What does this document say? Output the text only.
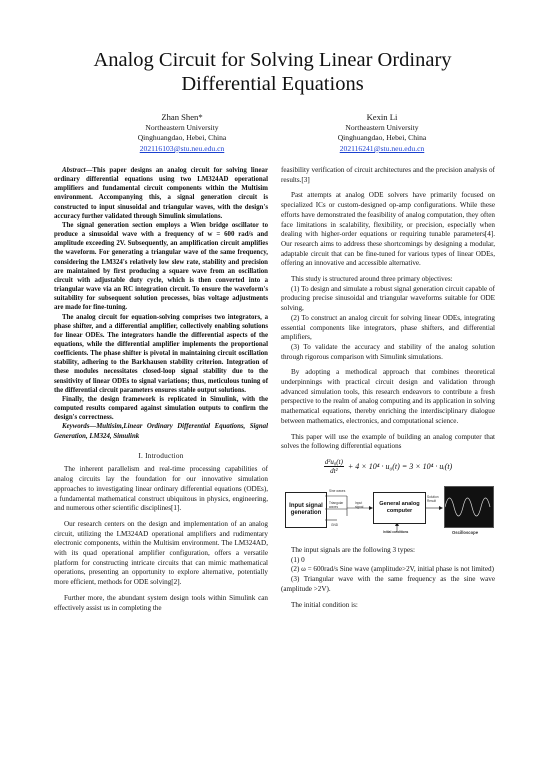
Analog Circuit for Solving Linear Ordinary
Differential Equations
Zhan Shen*
Northeastern University
Qinghuangdao, Hebei, China
202116103@stu.neu.edu.cn
Kexin Li
Northeastern University
Qinghuangdao, Hebei, China
202116241@stu.neu.edu.cn

Abstract—This paper designs an analog circuit for solving linear ordinary differential equations using two LM324AD operational amplifiers and fundamental circuit components within the Multisim environment. Accompanying this, a signal generation circuit is constructed to input sinusoidal and triangular waves, with the design's accuracy further validated through Simulink simulations.

The signal generation section employs a Wien bridge oscillator to produce a sinusoidal wave with a frequency of w = 600 rad/s and amplitude exceeding 2V. Subsequently, an amplification circuit amplifies the waveform. For generating a triangular wave of the same frequency, considering the LM324's relatively low slew rate, stability and precision are maintained by first producing a square wave from an oscillation circuit with adjustable duty cycle, which is then converted into a triangular wave via an RC integration circuit. To ensure the waveform's suitability for subsequent solution processes, bias voltage adjustments are made for fine-tuning.

The analog circuit for equation-solving comprises two integrators, a phase shifter, and a differential amplifier, collectively enabling solutions for linear ODEs. The integrators handle the differential aspects of the equations, while the differential amplifier implements the proportional coefficients. The phase shifter is pivotal in maintaining circuit oscillation stability, adhering to the Barkhausen stability criterion. Integration of these modules necessitates closed-loop signal stability due to the sensitivity of linear ODEs to signal variations; thus, meticulous tuning of the differential circuit parameters ensures stable output solutions.

Finally, the design framework is replicated in Simulink, with the computed results compared against simulation outputs to confirm the design's correctness.

Keywords—Multisim,Linear Ordinary Differential Equations, Signal Generation, LM324, Simulink

I. Introduction

The inherent parallelism and real-time processing capabilities of analog circuits lay the foundation for our innovative simulation approaches to investigating linear ordinary differential equations (ODEs), a fundamental mathematical construct ubiquitous in physics, engineering, and numerous other scientific disciplines[1].

Our research centers on the design and implementation of an analog circuit, utilizing the LM324AD operational amplifiers and rudimentary electronic components, within the Multisim environment. The LM324AD, with its quad operational amplifier configuration, offers a versatile platform for constructing intricate circuits that can mimic mathematical operations, presenting an opportunity to explore alternative, potentially more efficient, methods for ODE solving[2].

Further more, the abundant system design tools within Simulink can effectively assist us in completing the

feasibility verification of circuit architectures and the precision analysis of results.[3]

Past attempts at analog ODE solvers have primarily focused on specialized ICs or custom-designed op-amp configurations. While these efforts have demonstrated the feasibility of analog computation, they often face limitations in scalability, flexibility, or precision, especially when dealing with higher-order equations or requiring tunable parameters[4]. Our research aims to address these shortcomings by designing a modular, adaptable circuit that can be fine-tuned for various types of linear ODEs, offering an innovative and accessible alternative.

This study is structured around three primary objectives:

(1) To design and simulate a robust signal generation circuit capable of producing precise sinusoidal and triangular waveforms suitable for ODE solving,

(2) To construct an analog circuit for solving linear ODEs, integrating essential components like integrators, phase shifters, and differential amplifiers,

(3) To validate the accuracy and stability of the analog solution through rigorous comparison with Simulink simulations.

By adopting a methodical approach that combines theoretical underpinnings with practical circuit design and validation through advanced simulation tools, this research endeavors to contribute a fresh perspective to the realm of analog computing and its application in solving mathematical equations, thereby enriching the interdisciplinary dialogue between mathematics, electronics, and computational science.

This paper will use the example of building an analog computer that solves the following differential equations

$\frac{\text{d²u₀(t)}}{\text{dt²}} + 4 \times 10^4 \cdot u_0(t) = 3 \times 10^4$ · uᵢ(t)
Input signal generation
Sine waves
Triangular waves
GND
Input signal	General analog computer
Solution Result
Initial conditions	Oscilloscope

The input signals are the following 3 types:

(1) 0

(2) ω = 600rad/s Sine wave (amplitude>2V, initial phase is not limited)

(3) Triangular wave with the same frequency as the sine wave (amplitude >2V).

The initial condition is:
